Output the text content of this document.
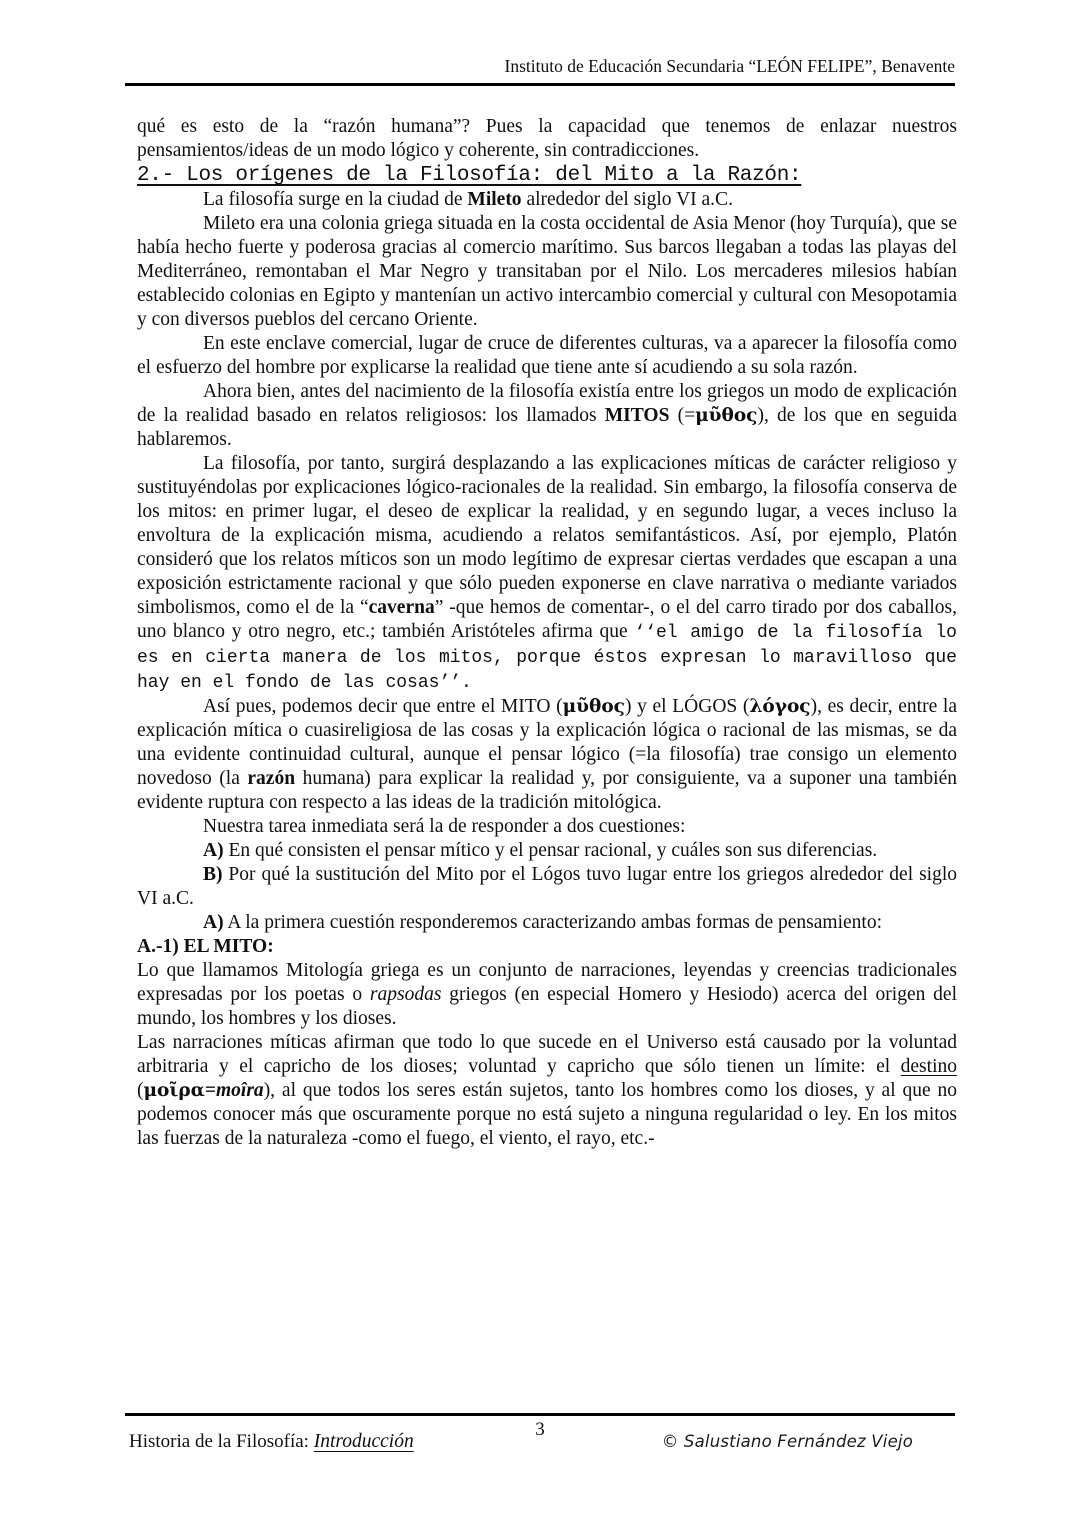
Instituto de Educación Secundaria “LEÓN FELIPE”, Benavente

qué es esto de la “razón humana”? Pues la capacidad que tenemos de enlazar nuestros pensamientos/ideas de un modo lógico y coherente, sin contradicciones.

2.- Los orígenes de la Filosofía: del Mito a la Razón:

La filosofía surge en la ciudad de Mileto alrededor del siglo VI a.C.

Mileto era una colonia griega situada en la costa occidental de Asia Menor (hoy Turquía), que se había hecho fuerte y poderosa gracias al comercio marítimo. Sus barcos llegaban a todas las playas del Mediterráneo, remontaban el Mar Negro y transitaban por el Nilo. Los mercaderes milesios habían establecido colonias en Egipto y mantenían un activo intercambio comercial y cultural con Mesopotamia y con diversos pueblos del cercano Oriente.

En este enclave comercial, lugar de cruce de diferentes culturas, va a aparecer la filosofía como el esfuerzo del hombre por explicarse la realidad que tiene ante sí acudiendo a su sola razón.

Ahora bien, antes del nacimiento de la filosofía existía entre los griegos un modo de explicación de la realidad basado en relatos religiosos: los llamados MITOS (=μῦθος), de los que en seguida hablaremos.

La filosofía, por tanto, surgirá desplazando a las explicaciones míticas de carácter religioso y sustituyéndolas por explicaciones lógico-racionales de la realidad. Sin embargo, la filosofía conserva de los mitos: en primer lugar, el deseo de explicar la realidad, y en segundo lugar, a veces incluso la envoltura de la explicación misma, acudiendo a relatos semifantásticos. Así, por ejemplo, Platón consideró que los relatos míticos son un modo legítimo de expresar ciertas verdades que escapan a una exposición estrictamente racional y que sólo pueden exponerse en clave narrativa o mediante variados simbolismos, como el de la “caverna” -que hemos de comentar-, o el del carro tirado por dos caballos, uno blanco y otro negro, etc.; también Aristóteles afirma que ‘‘el amigo de la filosofía lo es en cierta manera de los mitos, porque éstos expresan lo maravilloso que hay en el fondo de las cosas’’.

Así pues, podemos decir que entre el MITO (μῦθος) y el LÓGOS (λόγος), es decir, entre la explicación mítica o cuasireligiosa de las cosas y la explicación lógica o racional de las mismas, se da una evidente continuidad cultural, aunque el pensar lógico (=la filosofía) trae consigo un elemento novedoso (la razón humana) para explicar la realidad y, por consiguiente, va a suponer una también evidente ruptura con respecto a las ideas de la tradición mitológica.

Nuestra tarea inmediata será la de responder a dos cuestiones:

A) En qué consisten el pensar mítico y el pensar racional, y cuáles son sus diferencias.

B) Por qué la sustitución del Mito por el Lógos tuvo lugar entre los griegos alrededor del siglo VI a.C.

A) A la primera cuestión responderemos caracterizando ambas formas de pensamiento:

A.-1) EL MITO:

Lo que llamamos Mitología griega es un conjunto de narraciones, leyendas y creencias tradicionales expresadas por los poetas o rapsodas griegos (en especial Homero y Hesiodo) acerca del origen del mundo, los hombres y los dioses.

Las narraciones míticas afirman que todo lo que sucede en el Universo está causado por la voluntad arbitraria y el capricho de los dioses; voluntad y capricho que sólo tienen un límite: el destino (μοῖρα=moîra), al que todos los seres están sujetos, tanto los hombres como los dioses, y al que no podemos conocer más que oscuramente porque no está sujeto a ninguna regularidad o ley. En los mitos las fuerzas de la naturaleza -como el fuego, el viento, el rayo, etc.-

3
Historia de la Filosofía: Introducción	© Salustiano Fernández Viejo
